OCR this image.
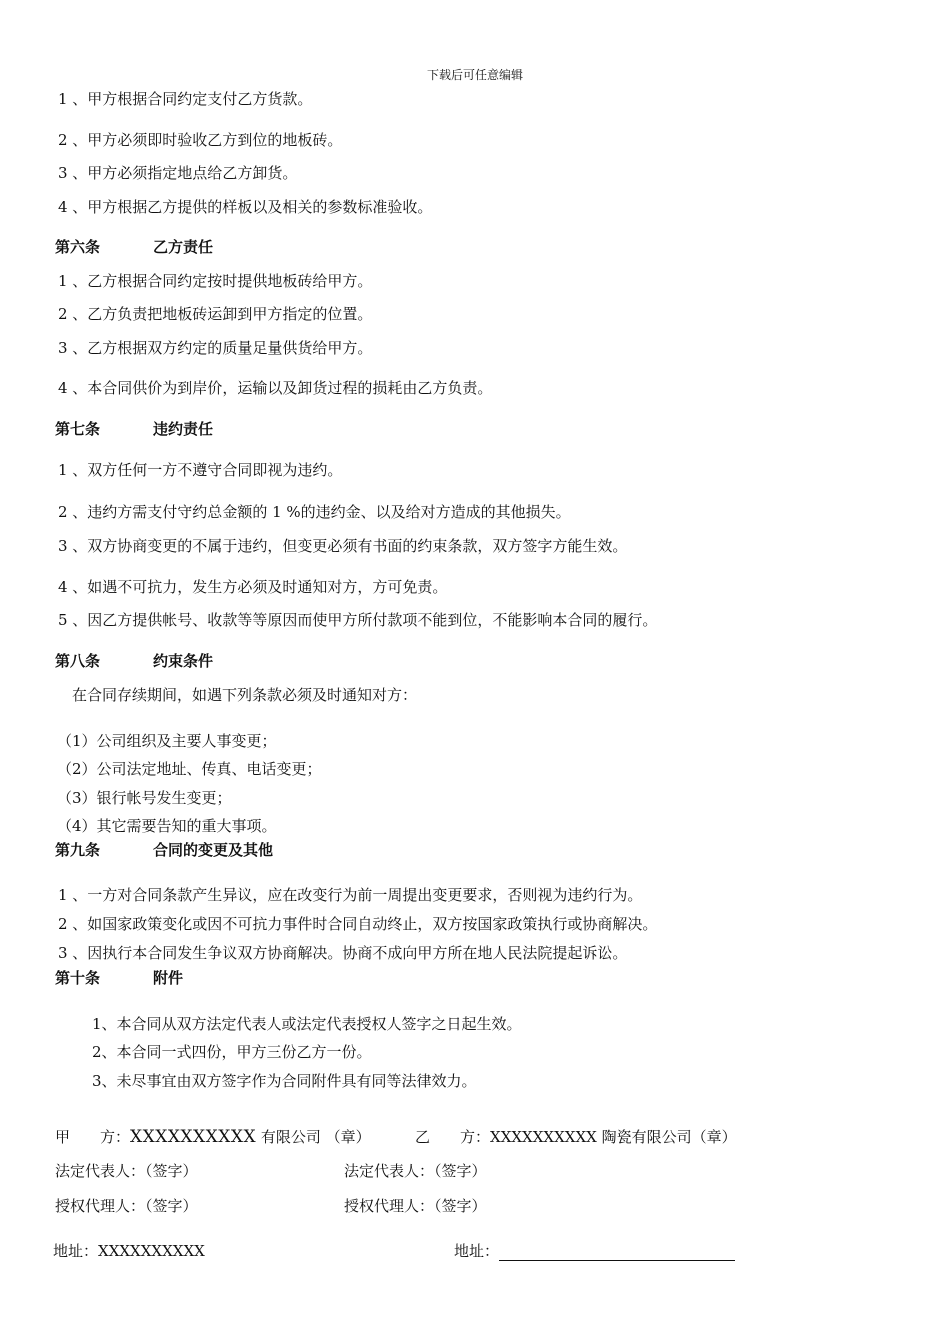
下载后可任意编辑
1 、甲方根据合同约定支付乙方货款。
2 、甲方必须即时验收乙方到位的地板砖。
3 、甲方必须指定地点给乙方卸货。
4 、甲方根据乙方提供的样板以及相关的参数标准验收。
第六条	乙方责任
1 、乙方根据合同约定按时提供地板砖给甲方。
2 、乙方负责把地板砖运卸到甲方指定的位置。
3 、乙方根据双方约定的质量足量供货给甲方。
4 、本合同供价为到岸价，运输以及卸货过程的损耗由乙方负责。
第七条	违约责任
1 、双方任何一方不遵守合同即视为违约。
2 、违约方需支付守约总金额的 1 %的违约金、以及给对方造成的其他损失。
3 、双方协商变更的不属于违约，但变更必须有书面的约束条款，双方签字方能生效。
4 、如遇不可抗力，发生方必须及时通知对方，方可免责。
5 、因乙方提供帐号、收款等等原因而使甲方所付款项不能到位，不能影响本合同的履行。
第八条	约束条件
在合同存续期间，如遇下列条款必须及时通知对方：
（1）公司组织及主要人事变更；
（2）公司法定地址、传真、电话变更；
（3）银行帐号发生变更；
（4）其它需要告知的重大事项。
第九条	合同的变更及其他
1 、一方对合同条款产生异议，应在改变行为前一周提出变更要求，否则视为违约行为。
2 、如国家政策变化或因不可抗力事件时合同自动终止，双方按国家政策执行或协商解决。
3 、因执行本合同发生争议双方协商解决。协商不成向甲方所在地人民法院提起诉讼。
第十条	附件
1、本合同从双方法定代表人或法定代表授权人签字之日起生效。
2、本合同一式四份，甲方三份乙方一份。
3、未尽事宜由双方签字作为合同附件具有同等法律效力。
甲　　方：XXXXXXXXXX 有限公司 （章）	乙　　方：XXXXXXXXXX 陶瓷有限公司（章）
法定代表人：（签字）	法定代表人：（签字）
授权代理人：（签字）	授权代理人：（签字）
地址：XXXXXXXXXX	地址：
